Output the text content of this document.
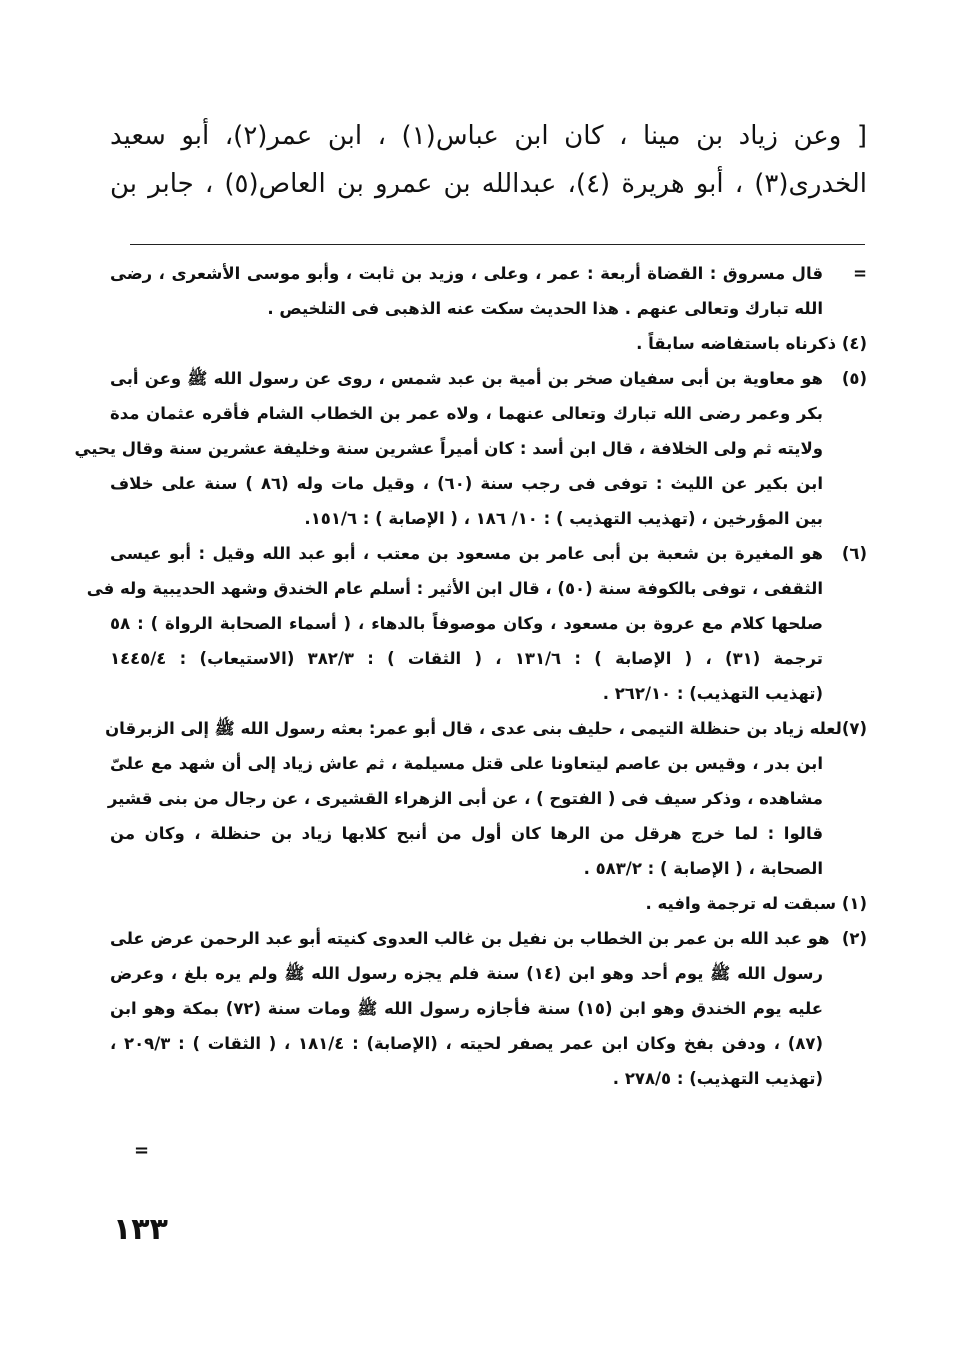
[ وعن زياد بن مينا ، كان ابن عباس(١) ، ابن عمر(٢)، أبو سعيد
الخدرى(٣) ، أبو هريرة (٤)، عبدالله بن عمرو بن العاص(٥) ، جابر بن
=
قال مسروق : القضاة أربعة : عمر ، وعلى ، وزيد بن ثابت ، وأبو موسى الأشعرى ، رضى
الله تبارك وتعالى عنهم . هذا الحديث سكت عنه الذهبى فى التلخيص .
(٤) ذكرناه باستفاضه سابقاً .
(٥)
هو معاوية بن أبى سفيان صخر بن أمية بن عبد شمس ، روى عن رسول الله ﷺ وعن أبى
بكر وعمر رضى الله تبارك وتعالى عنهما ، ولاه عمر بن الخطاب الشام فأقره عثمان مدة
ولايته ثم ولى الخلافة ، قال ابن أسد : كان أميراً عشرين سنة وخليفة عشرين سنة وقال يحيي
ابن بكير عن الليث : توفى فى رجب سنة (٦٠) ، وقيل مات وله (٨٦ ) سنة على خلاف
بين المؤرخين ، (تهذيب التهذيب ) : ١٠/ ١٨٦ ، ( الإصابة ) : ١٥١/٦.
(٦)
هو المغيرة بن شعبة بن أبى عامر بن مسعود بن معتب ، أبو عبد الله وقيل : أبو عيسى
الثقفى ، توفى بالكوفة سنة (٥٠) ، قال ابن الأثير : أسلم عام الخندق وشهد الحديبية وله فى
صلحها كلام مع عروة بن مسعود ، وكان موصوفاً بالدهاء ، ( أسماء الصحابة الرواة ) : ٥٨
ترجمة (٣١) ، ( الإصابة ) : ١٣١/٦ ، ( الثقات ) : ٣٨٢/٣ (الاستيعاب) : ١٤٤٥/٤
(تهذيب التهذيب) : ٢٦٢/١٠ .
(٧)
لعله زياد بن حنظلة التيمى ، حليف بنى عدى ، قال أبو عمر: بعثه رسول الله ﷺ إلى الزبرقان
ابن بدر ، وقيس بن عاصم ليتعاونا على قتل مسيلمة ، ثم عاش زياد إلى أن شهد مع علىّ
مشاهده ، وذكر سيف فى ( الفتوح ) ، عن أبى الزهراء القشيرى ، عن رجال من بنى قشير
قالوا : لما خرج هرقل من الرها كان أول من أنبح كلابها زياد بن حنظلة ، وكان من
الصحابة ، ( الإصابة ) : ٥٨٣/٢ .
(١) سبقت له ترجمة وافيه .
(٢)
هو عبد الله بن عمر بن الخطاب بن نفيل بن غالب العدوى كنيته أبو عبد الرحمن عرض على
رسول الله ﷺ يوم أحد وهو ابن (١٤) سنة فلم يجزه رسول الله ﷺ ولم يره بلغ ، وعرض
عليه يوم الخندق وهو ابن (١٥) سنة فأجازه رسول الله ﷺ ومات سنة (٧٢) بمكة وهو ابن
(٨٧) ، ودفن بفخ وكان ابن عمر يصفر لحيته ، (الإصابة) : ١٨١/٤ ، ( الثقات ) : ٢٠٩/٣ ،
(تهذيب التهذيب) : ٢٧٨/٥ .
=
١٣٣
